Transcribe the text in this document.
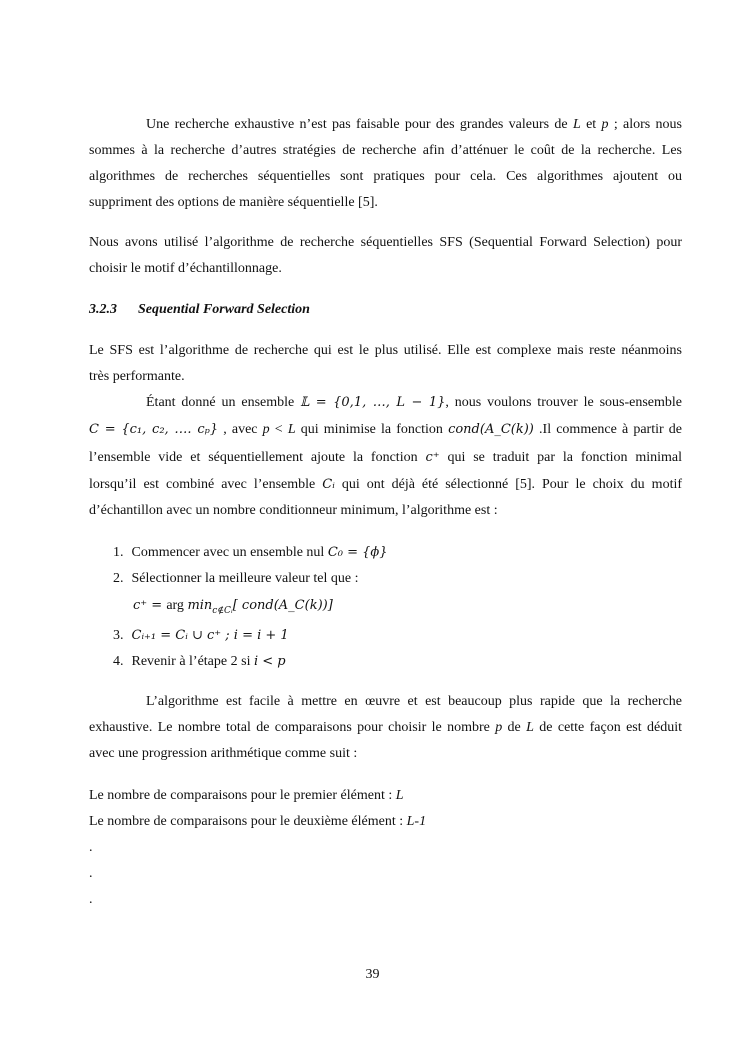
Une recherche exhaustive n’est pas faisable pour des grandes valeurs de L et p ; alors nous
sommes à la recherche d’autres stratégies de recherche afin d’atténuer le coût de la recherche. Les
algorithmes de recherches séquentielles sont pratiques pour cela. Ces algorithmes ajoutent ou
suppriment des options de manière séquentielle [5].
Nous avons utilisé l’algorithme de recherche séquentielles SFS (Sequential Forward Selection) pour
choisir le motif d’échantillonnage.
3.2.3 Sequential Forward Selection
Le SFS est l’algorithme de recherche qui est le plus utilisé. Elle est complexe mais reste néanmoins
très performante.
Étant donné un ensemble 𝕃 = {0,1, …, L − 1}, nous voulons trouver le sous-ensemble
C = {c₁, c₂, …. cₚ} , avec p < L qui minimise la fonction cond(A_C(k)) .Il commence à partir de
l’ensemble vide et séquentiellement ajoute la fonction c⁺ qui se traduit par la fonction minimal
lorsqu’il est combiné avec l’ensemble Cᵢ qui ont déjà été sélectionné [5]. Pour le choix du motif
d’échantillon avec un nombre conditionneur minimum, l’algorithme est :
1. Commencer avec un ensemble nul C₀ = {ϕ}
2. Sélectionner la meilleure valeur tel que :
c⁺ = arg $\min_{c\notin Cᵢ}$[ cond(A_C(k))]
3. Cᵢ₊₁ = Cᵢ ∪ c⁺ ; i = i + 1
4. Revenir à l’étape 2 si i < p
L’algorithme est facile à mettre en œuvre et est beaucoup plus rapide que la recherche
exhaustive. Le nombre total de comparaisons pour choisir le nombre p de L de cette façon est déduit
avec une progression arithmétique comme suit :
Le nombre de comparaisons pour le premier élément : L
Le nombre de comparaisons pour le deuxième élément : L-1
.
.
.
39
